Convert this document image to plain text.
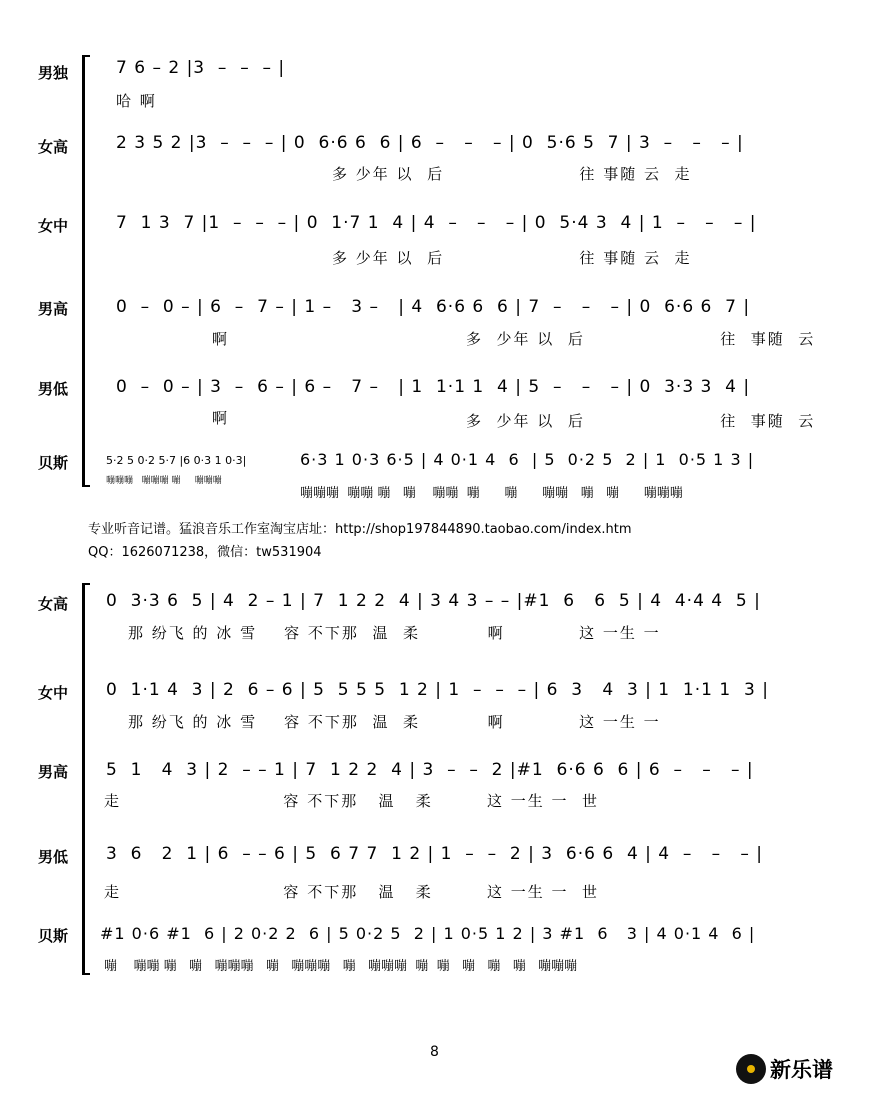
男独	7 6 – 2 |3  –  –  – |
哈 啊
女高	2 3 5 2 |3  –  –  – | 0  6·6 6  6 | 6  –   –   – | 0  5·6 5  7 | 3  –   –   – |
多 少年 以  后                    往 事随 云  走
女中	7  1 3  7 |1  –  –  – | 0  1·7 1  4 | 4  –   –   – | 0  5·4 3  4 | 1  –   –   – |
多 少年 以  后                    往 事随 云  走
男高	0  –  0 – | 6  –  7 – | 1 –   3 –   | 4  6·6 6  6 | 7  –   –   – | 0  6·6 6  7 |
啊	多  少年 以  后                    往  事随  云
男低	0  –  0 – | 3  –  6 – | 6 –   7 –   | 1  1·1 1  4 | 5  –   –   – | 0  3·3 3  4 |
啊	多  少年 以  后                    往  事随  云
贝斯	5·2 5 0·2 5·7 |6 0·3 1 0·3|
嘣嘣嘣   嘣嘣嘣 嘣     嘣嘣嘣
6·3 1 0·3 6·5 | 4 0·1 4  6  | 5  0·2 5  2 | 1  0·5 1 3 |
嘣嘣嘣  嘣嘣 嘣   嘣    嘣嘣  嘣      嘣      嘣嘣   嘣   嘣      嘣嘣嘣
专业听音记谱。猛浪音乐工作室淘宝店址：http://shop197844890.taobao.com/index.htm
QQ：1626071238，微信：tw531904
女高 0  3·3 6  5 | 4  2 – 1 | 7  1 2 2  4 | 3 4 3 – – |#1  6   6  5 | 4  4·4 4  5 |
那 纷飞 的 冰 雪    容 不下那  温  柔          啊           这 一生 一
女中 0  1·1 4  3 | 2  6 – 6 | 5  5 5 5  1 2 | 1  –  –  – | 6  3   4  3 | 1  1·1 1  3 |
那 纷飞 的 冰 雪    容 不下那  温  柔          啊           这 一生 一
男高 5  1   4  3 | 2  – – 1 | 7  1 2 2  4 | 3  –  –  2 |#1  6·6 6  6 | 6  –   –   – |
走                        容 不下那   温   柔        这 一生 一  世
男低 3  6   2  1 | 6  – – 6 | 5  6 7 7  1 2 | 1  –  –  2 | 3  6·6 6  4 | 4  –   –   – |
走                        容 不下那   温   柔        这 一生 一  世
贝斯 #1 0·6 #1  6 | 2 0·2 2  6 | 5 0·2 5  2 | 1 0·5 1 2 | 3 #1  6   3 | 4 0·1 4  6 |
嘣    嘣嘣 嘣   嘣   嘣嘣嘣   嘣   嘣嘣嘣   嘣   嘣嘣嘣  嘣  嘣   嘣   嘣   嘣   嘣嘣嘣
8
新乐谱
